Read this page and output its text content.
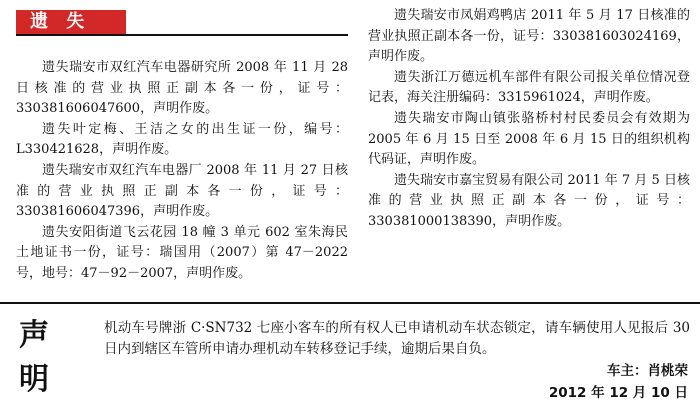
遗 失

遗失瑞安市双红汽车电器研究所 2008 年 11 月 28 日核准的营业执照正副本各一份，证号：330381606047600，声明作废。

遗失叶定梅、王洁之女的出生证一份，编号：L330421628，声明作废。

遗失瑞安市双红汽车电器厂 2008 年 11 月 27 日核准的营业执照正副本各一份，证号：330381606047396，声明作废。

遗失安阳街道飞云花园 18 幢 3 单元 602 室朱海民土地证书一份，证号：瑞国用（2007）第 47－2022 号，地号：47－92－2007，声明作废。

遗失瑞安市凤娟鸡鸭店 2011 年 5 月 17 日核准的营业执照正副本各一份，证号：330381603024169，声明作废。

遗失浙江万德远机车部件有限公司报关单位情况登记表，海关注册编码：3315961024，声明作废。

遗失瑞安市陶山镇张骆桥村村民委员会有效期为 2005 年 6 月 15 日至 2008 年 6 月 15 日的组织机构代码证，声明作废。

遗失瑞安市嘉宝贸易有限公司 2011 年 7 月 5 日核准的营业执照正副本各一份，证号：330381000138390，声明作废。

声
明

机动车号牌浙 C·SN732 七座小客车的所有权人已申请机动车状态锁定，请车辆使用人见报后 30 日内到辖区车管所申请办理机动车转移登记手续，逾期后果自负。

车主：肖桃荣
2012 年 12 月 10 日
